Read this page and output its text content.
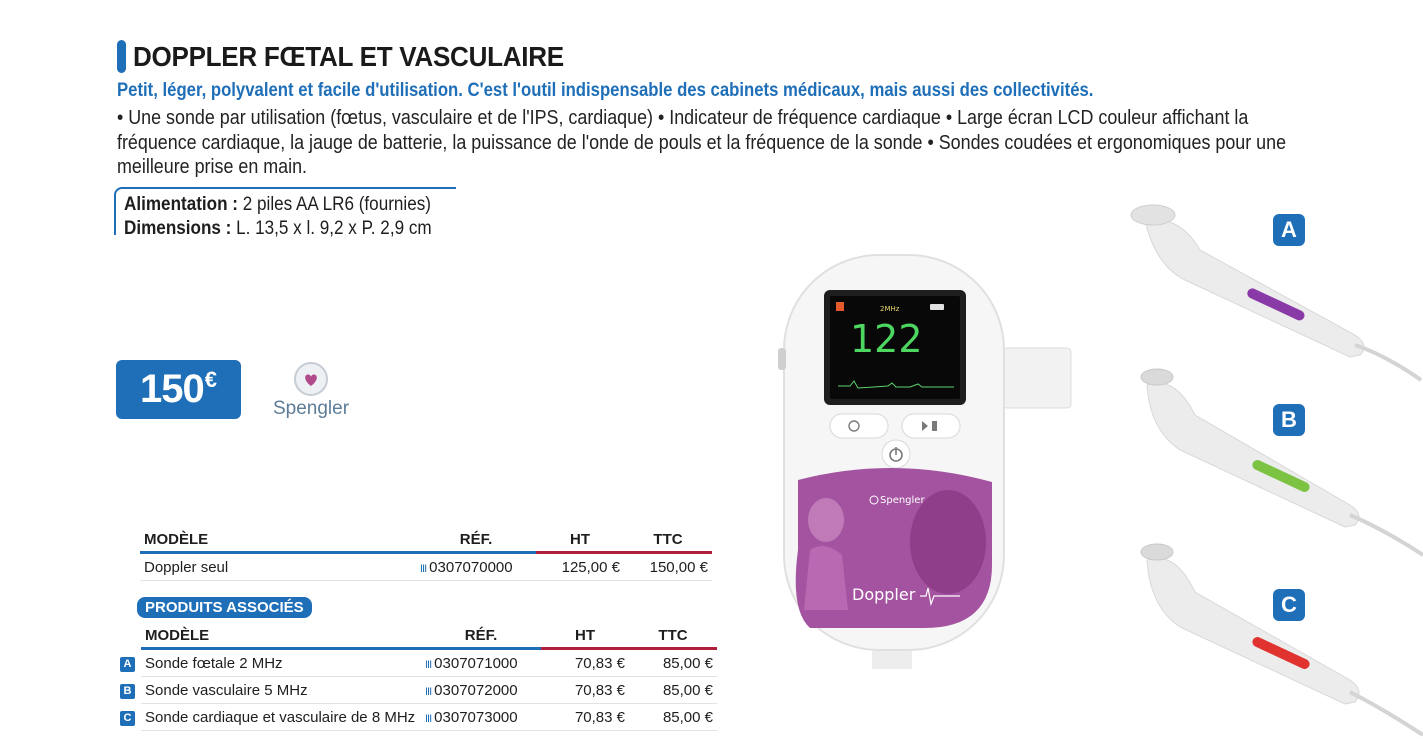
DOPPLER FŒTAL ET VASCULAIRE
Petit, léger, polyvalent et facile d'utilisation. C'est l'outil indispensable des cabinets médicaux, mais aussi des collectivités.
• Une sonde par utilisation (fœtus, vasculaire et de l'IPS, cardiaque) • Indicateur de fréquence cardiaque • Large écran LCD couleur affichant la fréquence cardiaque, la jauge de batterie, la puissance de l'onde de pouls et la fréquence de la sonde • Sondes coudées et ergonomiques pour une meilleure prise en main.
Alimentation : 2 piles AA LR6 (fournies)
Dimensions : L. 13,5 x l. 9,2 x P. 2,9 cm
150 €
Spengler
2MHz
122
Spengler
Doppler
A
B
C
MODÈLE	RÉF.	HT	TTC
Doppler seul	III 0307070000	125,00 €	150,00 €
PRODUITS ASSOCIÉS
	MODÈLE	RÉF.	HT	TTC
A	Sonde fœtale 2 MHz	III 0307071000	70,83 €	85,00 €
B	Sonde vasculaire 5 MHz	III 0307072000	70,83 €	85,00 €
C	Sonde cardiaque et vasculaire de 8 MHz	III 0307073000	70,83 €	85,00 €
